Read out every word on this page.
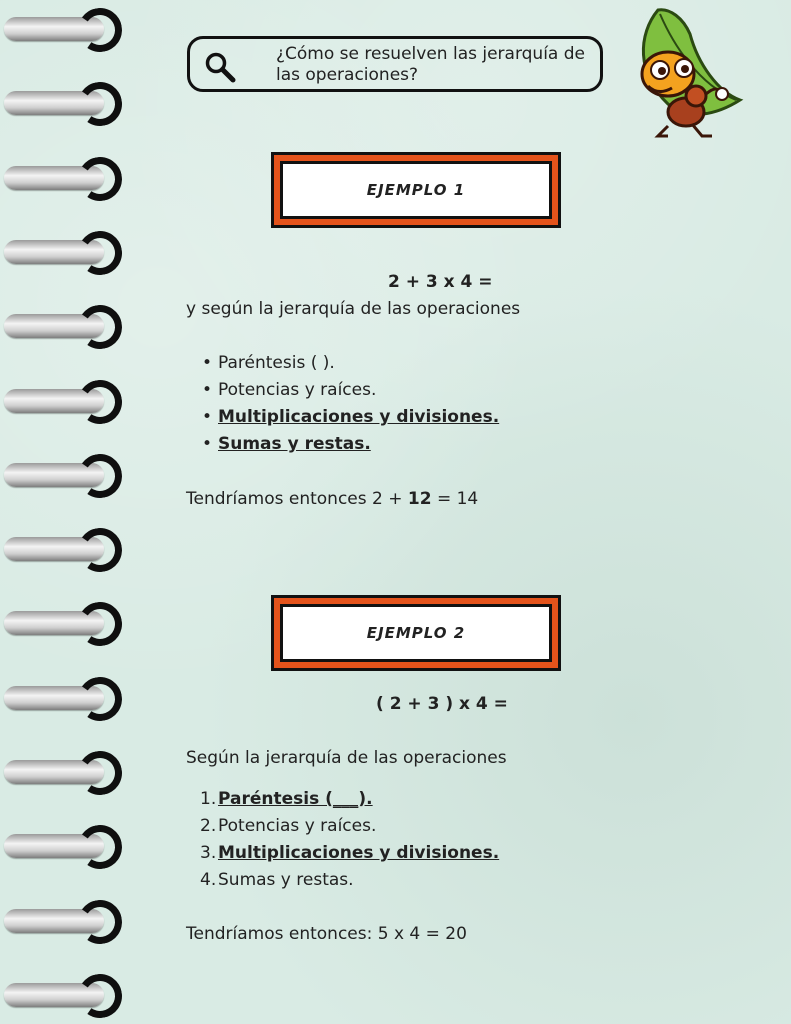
¿Cómo se resuelven las jerarquía de las operaciones?
EJEMPLO 1
2 + 3 x 4 =
y según la jerarquía de las operaciones
• Paréntesis ( ).
• Potencias y raíces.
• Multiplicaciones y divisiones.
• Sumas y restas.
Tendríamos entonces 2 + 12 = 14
EJEMPLO 2
( 2 + 3 ) x 4 =
Según la jerarquía de las operaciones
1. Paréntesis (___).
2. Potencias y raíces.
3. Multiplicaciones y divisiones.
4. Sumas y restas.
Tendríamos entonces: 5 x 4 = 20
